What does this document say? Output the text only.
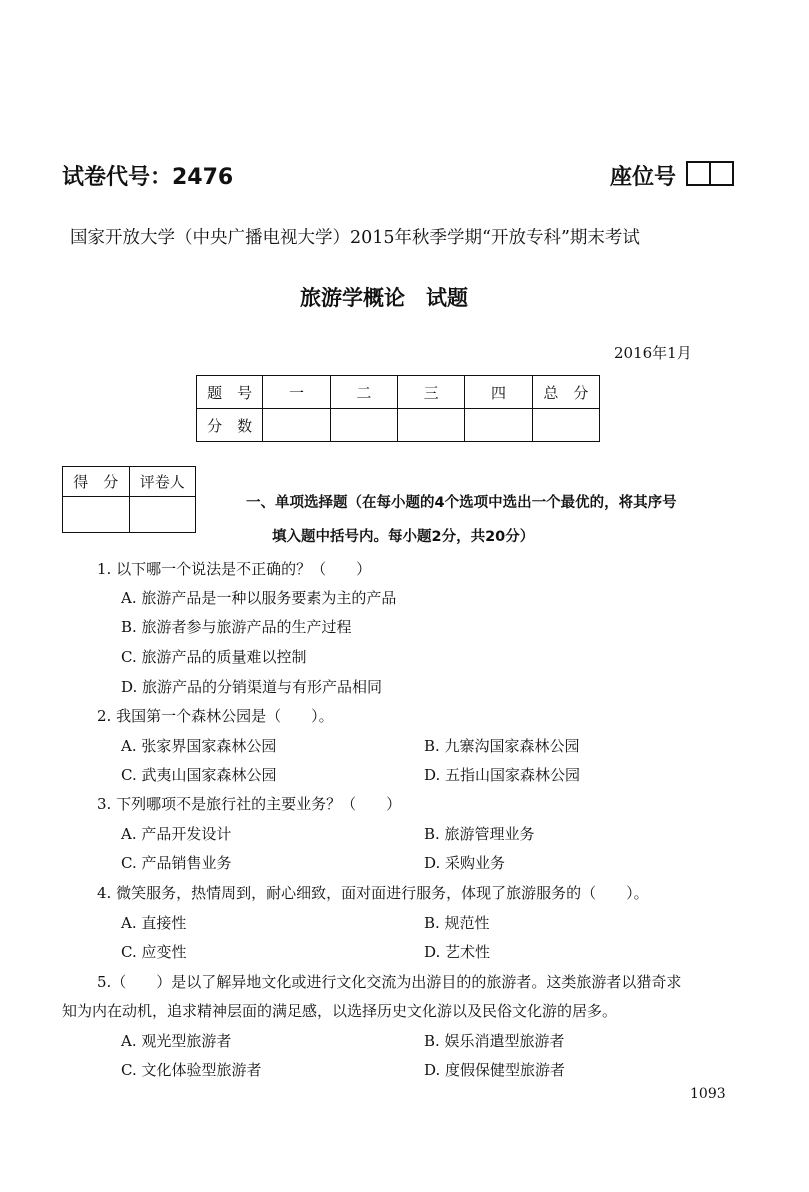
试卷代号：2476	座位号
国家开放大学（中央广播电视大学）2015年秋季学期“开放专科”期末考试
旅游学概论　试题
2016年1月
题　号	一	二	三	四	总　分
分　数					
得　分	评卷人

一、单项选择题（在每小题的4个选项中选出一个最优的，将其序号
填入题中括号内。每小题2分，共20分）
1. 以下哪一个说法是不正确的？（　　）
A. 旅游产品是一种以服务要素为主的产品
B. 旅游者参与旅游产品的生产过程
C. 旅游产品的质量难以控制
D. 旅游产品的分销渠道与有形产品相同
2. 我国第一个森林公园是（　　）。
A. 张家界国家森林公园	B. 九寨沟国家森林公园
C. 武夷山国家森林公园	D. 五指山国家森林公园
3. 下列哪项不是旅行社的主要业务？（　　）
A. 产品开发设计	B. 旅游管理业务
C. 产品销售业务	D. 采购业务
4. 微笑服务，热情周到，耐心细致，面对面进行服务，体现了旅游服务的（　　）。
A. 直接性	B. 规范性
C. 应变性	D. 艺术性
5.（　　）是以了解异地文化或进行文化交流为出游目的的旅游者。这类旅游者以猎奇求
知为内在动机，追求精神层面的满足感，以选择历史文化游以及民俗文化游的居多。
A. 观光型旅游者	B. 娱乐消遣型旅游者
C. 文化体验型旅游者	D. 度假保健型旅游者
1093
